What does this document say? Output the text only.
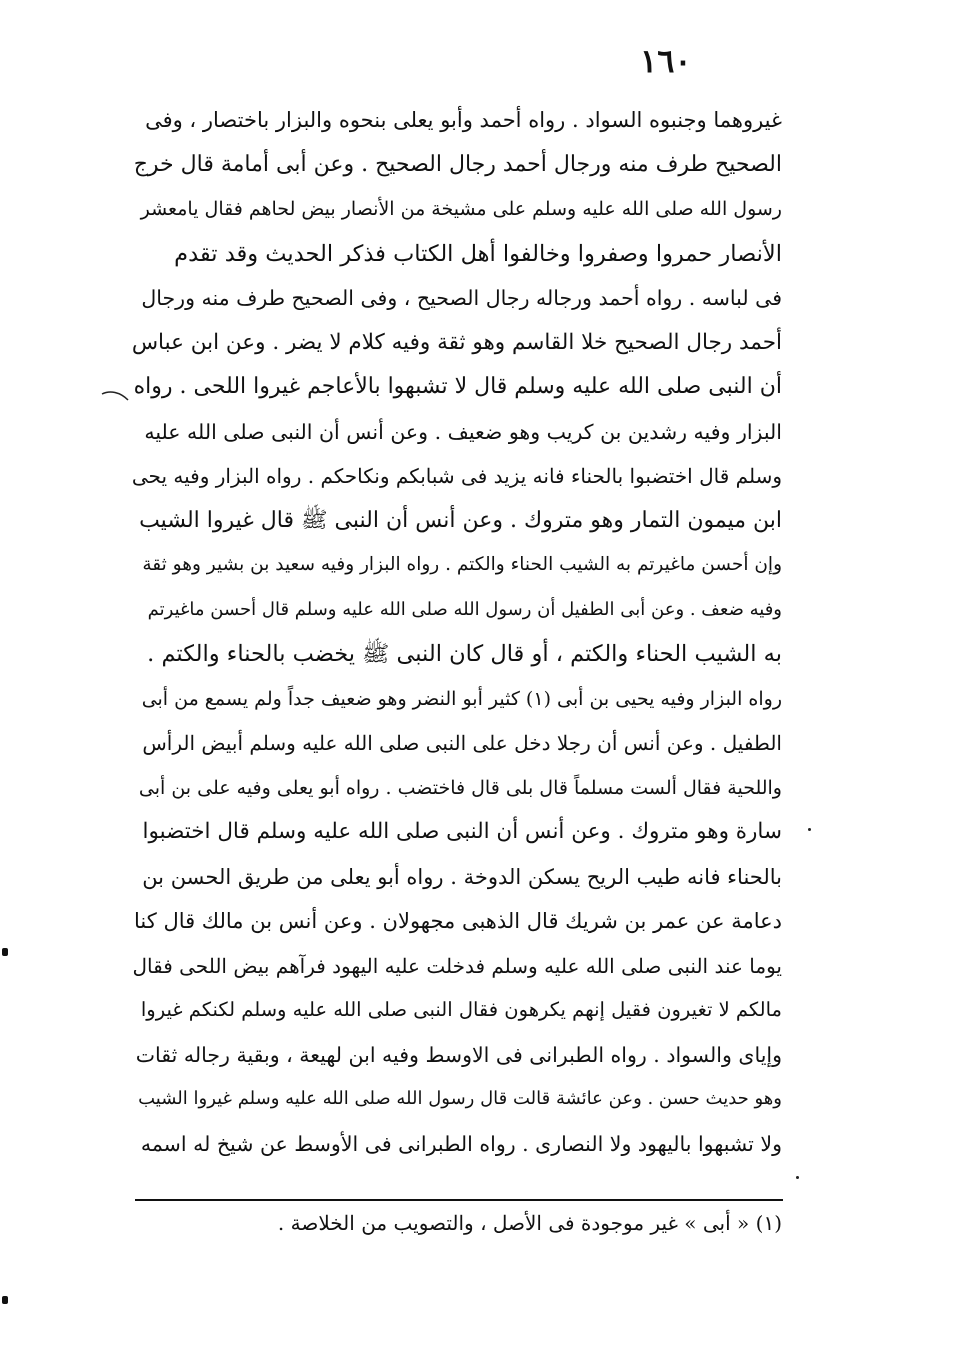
١٦٠
غيروهما وجنبوه السواد . رواه أحمد وأبو يعلى بنحوه والبزار باختصار ، وفى
الصحيح طرف منه ورجال أحمد رجال الصحيح . وعن أبى أمامة قال خرج
رسول الله صلى الله عليه وسلم على مشيخة من الأنصار بيض لحاهم فقال يامعشر
الأنصار حمروا وصفروا وخالفوا أهل الكتاب فذكر الحديث وقد تقدم
فى لباسه . رواه أحمد ورجاله رجال الصحيح ، وفى الصحيح طرف منه ورجال
أحمد رجال الصحيح خلا القاسم وهو ثقة وفيه كلام لا يضر . وعن ابن عباس
أن النبى صلى الله عليه وسلم قال لا تشبهوا بالأعاجم غيروا اللحى . رواه
البزار وفيه رشدين بن كريب وهو ضعيف . وعن أنس أن النبى صلى الله عليه
وسلم قال اختضبوا بالحناء فانه يزيد فى شبابكم ونكاحكم . رواه البزار وفيه يحى
ابن ميمون التمار وهو متروك . وعن أنس أن النبى ﷺ قال غيروا الشيب
وإن أحسن ماغيرتم به الشيب الحناء والكتم . رواه البزار وفيه سعيد بن بشير وهو ثقة
وفيه ضعف . وعن أبى الطفيل أن رسول الله صلى الله عليه وسلم قال أحسن ماغيرتم
به الشيب الحناء والكتم ، أو قال كان النبى ﷺ يخضب بالحناء والكتم .
رواه البزار وفيه يحيى بن أبى (١) كثير أبو النضر وهو ضعيف جداً ولم يسمع من أبى
الطفيل . وعن أنس أن رجلا دخل على النبى صلى الله عليه وسلم أبيض الرأس
واللحية فقال ألست مسلماً قال بلى قال فاختضب . رواه أبو يعلى وفيه على بن أبى
سارة وهو متروك . وعن أنس أن النبى صلى الله عليه وسلم قال اختضبوا
بالحناء فانه طيب الريح يسكن الدوخة . رواه أبو يعلى من طريق الحسن بن
دعامة عن عمر بن شريك قال الذهبى مجهولان . وعن أنس بن مالك قال كنا
يوما عند النبى صلى الله عليه وسلم فدخلت عليه اليهود فرآهم بيض اللحى فقال
مالكم لا تغيرون فقيل إنهم يكرهون فقال النبى صلى الله عليه وسلم لكنكم غيروا
وإياى والسواد . رواه الطبرانى فى الاوسط وفيه ابن لهيعة ، وبقية رجاله ثقات
وهو حديث حسن . وعن عائشة قالت قال رسول الله صلى الله عليه وسلم غيروا الشيب
ولا تشبهوا باليهود ولا النصارى . رواه الطبرانى فى الأوسط عن شيخ له اسمه
(١) « أبى » غير موجودة فى الأصل ، والتصويب من الخلاصة .
